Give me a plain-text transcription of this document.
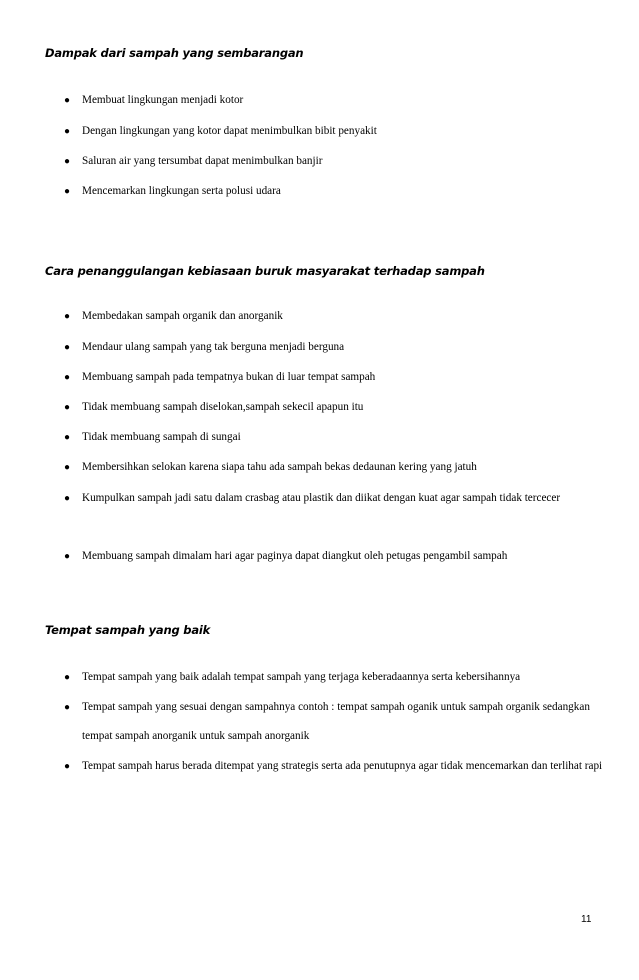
Dampak dari sampah yang sembarangan
● Membuat lingkungan menjadi kotor
● Dengan lingkungan yang kotor dapat menimbulkan bibit penyakit
● Saluran air yang tersumbat dapat menimbulkan banjir
● Mencemarkan lingkungan serta polusi udara
Cara penanggulangan kebiasaan buruk masyarakat terhadap sampah
● Membedakan sampah organik dan anorganik
● Mendaur ulang sampah yang tak berguna menjadi berguna
● Membuang sampah pada tempatnya bukan di luar tempat sampah
● Tidak membuang sampah diselokan,sampah sekecil apapun itu
● Tidak membuang sampah di sungai
● Membersihkan selokan karena siapa tahu ada sampah bekas dedaunan kering yang jatuh
● Kumpulkan sampah jadi satu dalam crasbag atau plastik dan diikat dengan kuat agar sampah tidak tercecer
● Membuang sampah dimalam hari agar paginya dapat diangkut oleh petugas pengambil sampah
Tempat sampah yang baik
● Tempat sampah yang baik adalah tempat sampah yang terjaga keberadaannya serta kebersihannya
● Tempat sampah yang sesuai dengan sampahnya contoh : tempat sampah oganik untuk sampah organik sedangkan tempat sampah anorganik untuk sampah anorganik
● Tempat sampah harus berada ditempat yang strategis serta ada penutupnya agar tidak mencemarkan dan terlihat rapi
11
